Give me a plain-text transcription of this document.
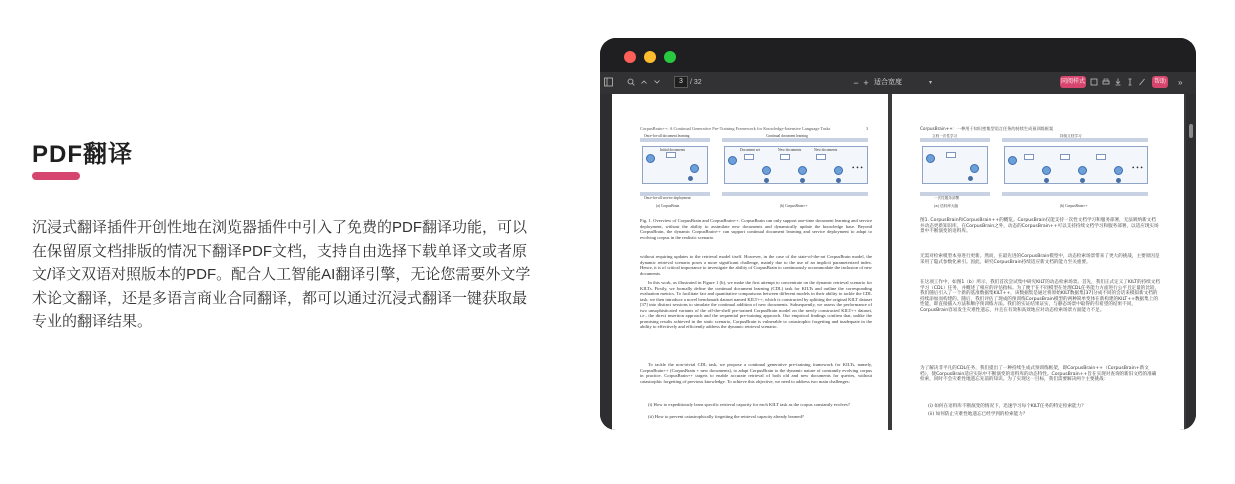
PDF翻译
沉浸式翻译插件开创性地在浏览器插件中引入了免费的PDF翻译功能，可以
在保留原文档排版的情况下翻译PDF文档，支持自由选择下载单译文或者原
文/译文双语对照版本的PDF。配合人工智能AI翻译引擎，无论您需要外文学
术论文翻译，还是多语言商业合同翻译，都可以通过沉浸式翻译一键获取最
专业的翻译结果。
3	/ 32	− + 适合宽度	▾	同阅样式	帮助 »
CorpusBrain++: A Continual Generative Pre-Training Framework for Knowledge-Intensive Language Tasks	3
Once-for-all document learning	Continual document learning
Initial documents	Document set	New documents	New documents
• • •
Once-for-all service deployment
(a) CorpusBrain	(b) CorpusBrain++
Fig. 1. Overview of CorpusBrain and CorpusBrain++. CorpusBrain can only support one-time document learning and service deployment, without the ability to assimilate new documents and dynamically update the knowledge base. Beyond CorpusBrain, the dynamic CorpusBrain++ can support continual document learning and service deployment to adapt to evolving corpus in the realistic scenario.
without requiring updates to the retrieval model itself. However, in the case of the state-of-the-art CorpusBrain model, the dynamic retrieval scenario poses a more significant challenge, mainly due to the use of an implicit parameterized index. Hence, it is of critical importance to investigate the ability of CorpusBrain to continuously accommodate the inclusion of new documents.
In this work, as illustrated in Figure 1 (b), we make the first attempt to concentrate on the dynamic retrieval scenario for KILTs. Firstly, we formally define the continual document learning (CDL) task for KILTs and outline the corresponding evaluation metrics. To facilitate fair and quantitative comparisons between different models in their ability to tackle the CDL task, we then introduce a novel benchmark dataset named KILT++, which is constructed by splitting the original KILT dataset [37] into distinct sessions to simulate the continual addition of new documents. Subsequently, we assess the performance of two unsophisticated variants of the off-the-shelf pre-trained CorpusBrain model on the newly constructed KILT++ dataset, i.e., the direct insertion approach and the sequential pre-training approach. Our empirical findings confirm that, unlike the promising results achieved in the static scenario, CorpusBrain is vulnerable to catastrophic forgetting and inadequate in the ability to effectively and efficiently address the dynamic retrieval scenario.
To tackle the non-trivial CDL task, we propose a continual generative pre-training framework for KILTs, namely, CorpusBrain++ (CorpusBrain + new documents), to adapt CorpusBrain to the dynamic nature of constantly evolving corpus in practice. CorpusBrain++ targets to enable accurate retrieval of both old and new documents for queries, without catastrophic forgetting of previous knowledge. To achieve this objective, we need to address two main challenges:
(i) How to expeditiously learn specific retrieval capacity for each KILT task as the corpus constantly evolves?
(ii) How to prevent catastrophically forgetting the retrieval capacity already learned?
CorpusBrain++：一种用于知识密集型语言任务的持续生成预训练框架
文档一次性学习	持续文档学习
• • •
一次性服务部署
(a) 语料库大脑	(b) CorpusBrain++
图1. CorpusBrain和CorpusBrain++的概览。CorpusBrain仅能支持一次性文档学习和服务部署，无法吸纳新文档并动态更新知识库。在CorpusBrain之外，动态的CorpusBrain++可以支持持续文档学习和服务部署，以适应现实场景中不断演变的语料库。
无需对检索模型本身进行更新。然而，在最先进的CorpusBrain模型中，动态检索场景带来了更大的挑战，主要原因是采用了隐式参数化索引。因此，研究CorpusBrain持续适应新文档的能力至关重要。
在这项工作中，如图1（b）所示，我们首次尝试集中研究KILT的动态检索场景。首先，我们正式定义了KILT的持续文档学习（CDL）任务，并概述了相应的评估指标。为了便于在不同模型在处理CDL任务能力方面进行公平且定量的比较，我们随后引入了一个新的基准数据集KILT++，该数据集是通过将原始KILT数据集[37]分成不同的会话来模拟新文档的持续添加而构建的。随后，我们评估了现成的预训练CorpusBrain模型的两种简单变体在新构建的KILT++数据集上的性能，即直接插入方法和顺序预训练方法。我们的实证结果证实，与静态场景中取得的有希望的结果不同，CorpusBrain容易发生灾难性遗忘，并且在有效和高效地应对动态检索场景方面能力不足。
为了解决非平凡的CDL任务，我们提出了一种持续生成式预训练框架，即CorpusBrain++（CorpusBrain+新文档），使CorpusBrain适应实际中不断演变的语料库的动态特性。CorpusBrain++旨在实现对查询的新旧文档的准确检索，同时不会灾难性地遗忘先前的知识。为了实现这一目标，我们需要解决两个主要挑战：
(i) 如何在语料库不断演变的情况下，迅速学习每个KILT任务的特定检索能力？
(ii) 如何防止灾难性地遗忘已经学到的检索能力？
